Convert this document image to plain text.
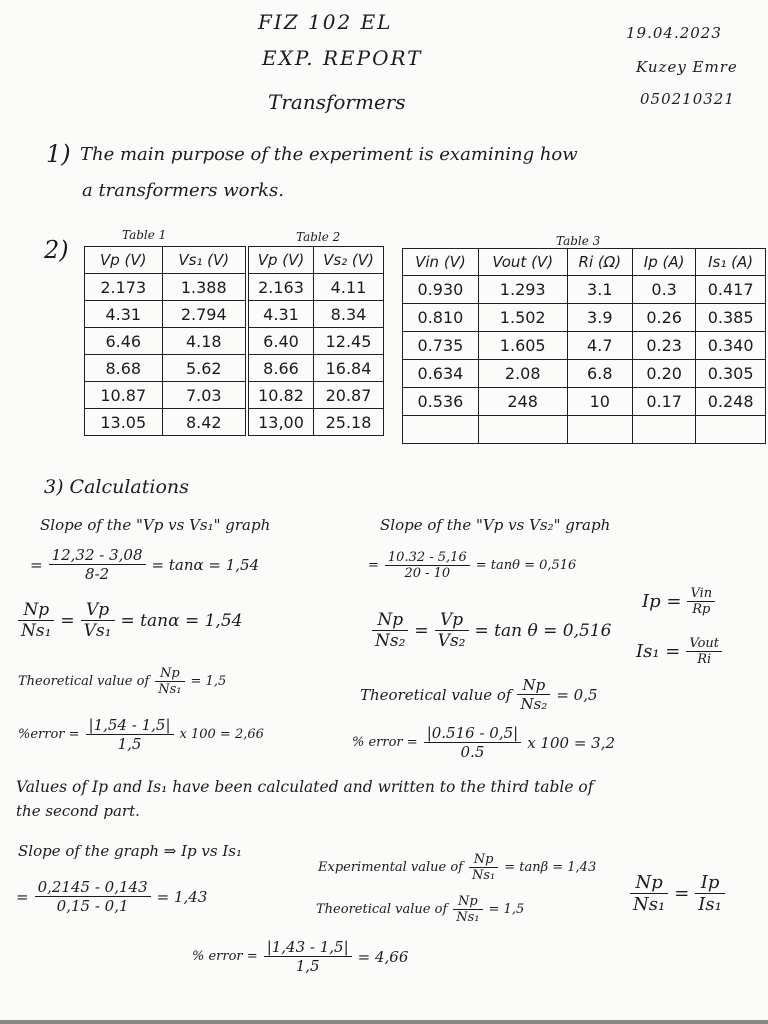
FIZ 102 EL
EXP. REPORT
Transformers
19.04.2023
Kuzey Emre
050210321
1) The main purpose of the experiment is examining how
a transformers works.
2)
Table 1
Vp (V)	Vs₁ (V)
2.173	1.388
4.31	2.794
6.46	4.18
8.68	5.62
10.87	7.03
13.05	8.42
Table 2
Vp (V)	Vs₂ (V)
2.163	4.11
4.31	8.34
6.40	12.45
8.66	16.84
10.82	20.87
13,00	25.18
Table 3
Vin (V)	Vout (V)	Ri (Ω)	Ip (A)	Is₁ (A)
0.930	1.293	3.1	0.3	0.417
0.810	1.502	3.9	0.26	0.385
0.735	1.605	4.7	0.23	0.340
0.634	2.08	6.8	0.20	0.305
0.536	248	10	0.17	0.248

3) Calculations
Slope of the "Vp vs Vs₁" graph
= $\frac{12,32 - 3,08}{8-2} = \tan\alpha = 1,54$
$\frac{Np}{\text{Ns₁}} = \frac{Vp}{\text{Vs₁}} = \tan\alpha = 1,54$
Theoretical value of $\frac{Np}{\text{Ns₁}} = 1,5$
%error = $\frac{|1,54 - 1,5|}{1,5}$ x 100 = 2,66
Slope of the "Vp vs Vs₂" graph
= $\frac{10.32 - 5,16}{20 - 10} = \tan\theta = 0,516$
$\frac{Np}{\text{Ns₂}} = \frac{Vp}{\text{Vs₂}} = \tan \theta = 0,516$
Theoretical value of $\frac{Np}{\text{Ns₂}} = 0,5$
% error = $\frac{|0.516 - 0,5|}{0.5}$ x 100 = 3,2
$Ip = \frac{\text{Vin}}{Rp}$
$Is_1 = \frac{\text{Vout}}{Ri}$
Values of Ip and Is₁ have been calculated and written to the third table of
the second part.
Slope of the graph ⇒ Ip vs Is₁
= $\frac{0,2145 - 0,143}{0,15 - 0,1} = 1,43$
Experimental value of $\frac{Np}{\text{Ns₁}} = \tan\beta = 1,43$
Theoretical value of $\frac{Np}{\text{Ns₁}} = 1,5$	$\frac{Np}{\text{Ns₁}} = \frac{Ip}{\text{Is₁}}$
% error = $\frac{|1,43 - 1,5|}{1,5} = 4,66$
